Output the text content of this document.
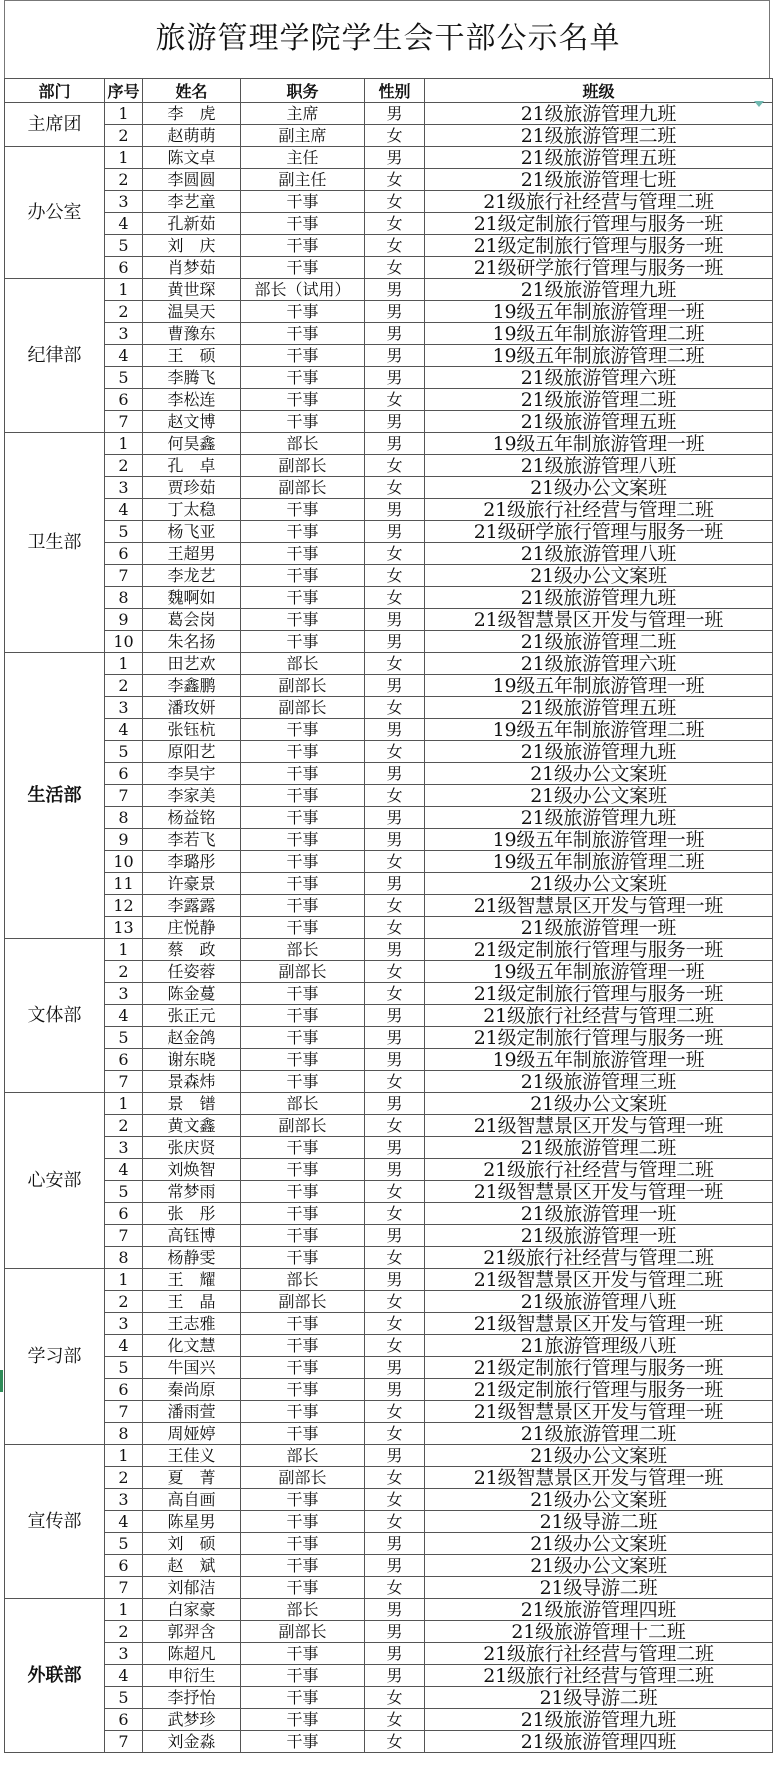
旅游管理学院学生会干部公示名单
部门	序号	姓名	职务	性别	班级
主席团	1	李　虎	主席	男	21级旅游管理九班
	2	赵萌萌	副主席	女	21级旅游管理二班
办公室	1	陈文卓	主任	男	21级旅游管理五班
	2	李圆圆	副主任	女	21级旅游管理七班
	3	李艺童	干事	女	21级旅行社经营与管理二班
	4	孔新茹	干事	女	21级定制旅行管理与服务一班
	5	刘　庆	干事	女	21级定制旅行管理与服务一班
	6	肖梦茹	干事	女	21级研学旅行管理与服务一班
纪律部	1	黄世琛	部长（试用）	男	21级旅游管理九班
	2	温昊天	干事	男	19级五年制旅游管理一班
	3	曹豫东	干事	男	19级五年制旅游管理二班
	4	王　硕	干事	男	19级五年制旅游管理二班
	5	李腾飞	干事	男	21级旅游管理六班
	6	李松连	干事	女	21级旅游管理二班
	7	赵文博	干事	男	21级旅游管理五班
卫生部	1	何昊鑫	部长	男	19级五年制旅游管理一班
	2	孔　卓	副部长	女	21级旅游管理八班
	3	贾珍茹	副部长	女	21级办公文案班
	4	丁太稳	干事	男	21级旅行社经营与管理二班
	5	杨飞亚	干事	男	21级研学旅行管理与服务一班
	6	王超男	干事	女	21级旅游管理八班
	7	李龙艺	干事	女	21级办公文案班
	8	魏啊如	干事	女	21级旅游管理九班
	9	葛会岗	干事	男	21级智慧景区开发与管理一班
	10	朱名扬	干事	男	21级旅游管理二班
生活部	1	田艺欢	部长	女	21级旅游管理六班
	2	李鑫鹏	副部长	男	19级五年制旅游管理一班
	3	潘玫妍	副部长	女	21级旅游管理五班
	4	张钰杭	干事	男	19级五年制旅游管理二班
	5	原阳艺	干事	女	21级旅游管理九班
	6	李昊宇	干事	男	21级办公文案班
	7	李家美	干事	女	21级办公文案班
	8	杨益铭	干事	男	21级旅游管理九班
	9	李若飞	干事	男	19级五年制旅游管理一班
	10	李璐彤	干事	女	19级五年制旅游管理二班
	11	许豪景	干事	男	21级办公文案班
	12	李露露	干事	女	21级智慧景区开发与管理一班
	13	庄悦静	干事	女	21级旅游管理一班
文体部	1	蔡　政	部长	男	21级定制旅行管理与服务一班
	2	任姿蓉	副部长	女	19级五年制旅游管理一班
	3	陈金蔓	干事	女	21级定制旅行管理与服务一班
	4	张正元	干事	男	21级旅行社经营与管理二班
	5	赵金鸽	干事	男	21级定制旅行管理与服务一班
	6	谢东晓	干事	男	19级五年制旅游管理一班
	7	景森炜	干事	女	21级旅游管理三班
心安部	1	景　镨	部长	男	21级办公文案班
	2	黄文鑫	副部长	女	21级智慧景区开发与管理一班
	3	张庆贤	干事	男	21级旅游管理二班
	4	刘焕智	干事	男	21级旅行社经营与管理二班
	5	常梦雨	干事	女	21级智慧景区开发与管理一班
	6	张　彤	干事	女	21级旅游管理一班
	7	高钰博	干事	男	21级旅游管理一班
	8	杨静雯	干事	女	21级旅行社经营与管理二班
学习部	1	王　耀	部长	男	21级智慧景区开发与管理二班
	2	王　晶	副部长	女	21级旅游管理八班
	3	王志雅	干事	女	21级智慧景区开发与管理一班
	4	化文慧	干事	女	21旅游管理级八班
	5	牛国兴	干事	男	21级定制旅行管理与服务一班
	6	秦尚原	干事	男	21级定制旅行管理与服务一班
	7	潘雨萱	干事	女	21级智慧景区开发与管理一班
	8	周娅婷	干事	女	21级旅游管理二班
宣传部	1	王佳义	部长	男	21级办公文案班
	2	夏　菁	副部长	女	21级智慧景区开发与管理一班
	3	高自画	干事	女	21级办公文案班
	4	陈星男	干事	女	21级导游二班
	5	刘　硕	干事	男	21级办公文案班
	6	赵　斌	干事	男	21级办公文案班
	7	刘郁洁	干事	女	21级导游二班
外联部	1	白家豪	部长	男	21级旅游管理四班
	2	郭羿含	副部长	男	21级旅游管理十二班
	3	陈超凡	干事	男	21级旅行社经营与管理二班
	4	申衍生	干事	男	21级旅行社经营与管理二班
	5	李抒怡	干事	女	21级导游二班
	6	武梦珍	干事	女	21级旅游管理九班
	7	刘金淼	干事	女	21级旅游管理四班
